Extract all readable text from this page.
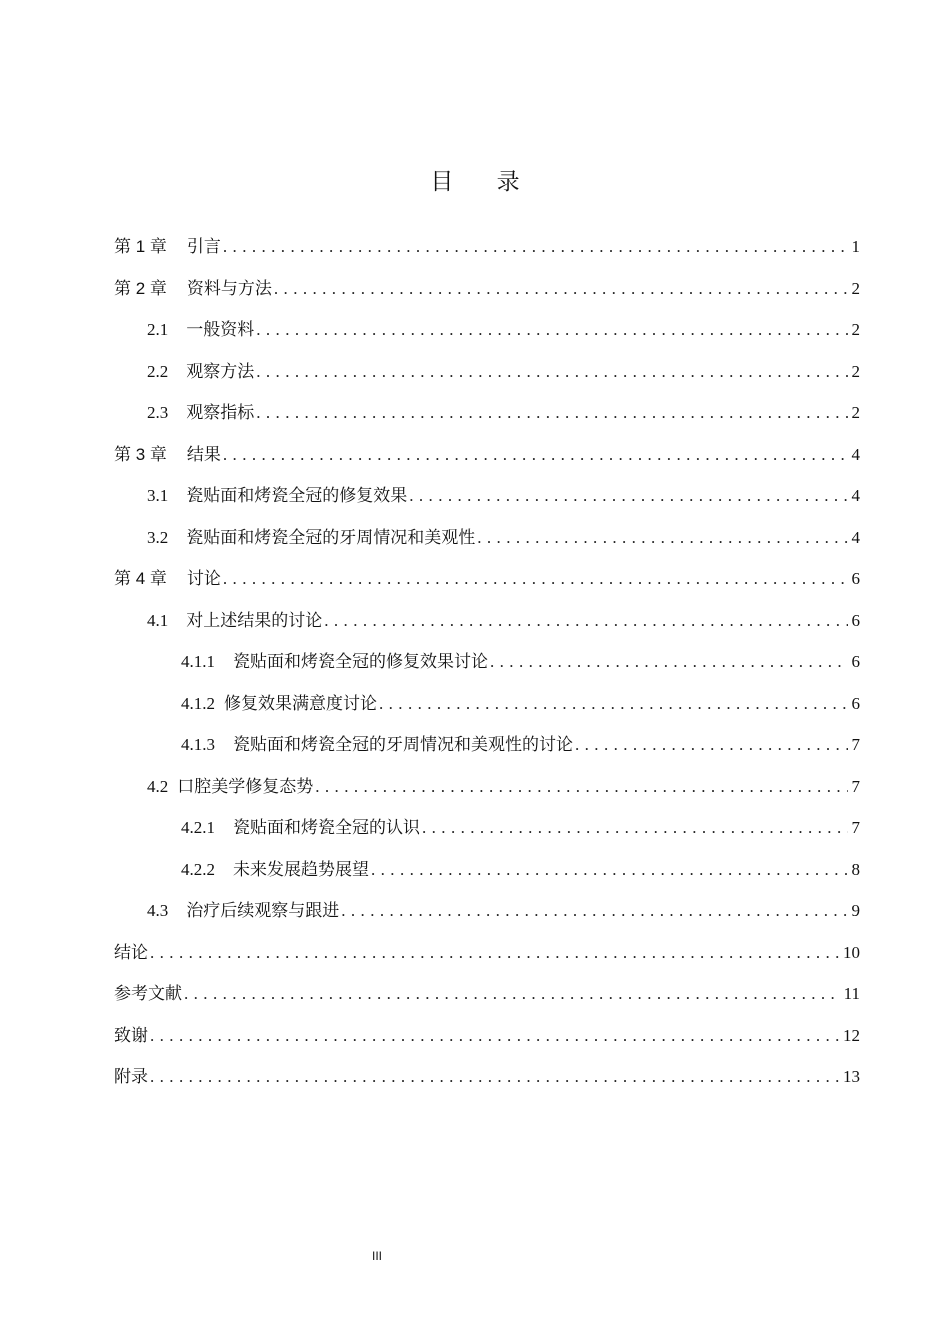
目 录
第 1 章 引言 .....	1
第 2 章 资料与方法 .....	2
2.1 一般资料 .....	2
2.2 观察方法 .....	2
2.3 观察指标 .....	2
第 3 章 结果 .....	4
3.1 瓷贴面和烤瓷全冠的修复效果 .....	4
3.2 瓷贴面和烤瓷全冠的牙周情况和美观性 .....	4
第 4 章 讨论 .....	6
4.1 对上述结果的讨论 .....	6
4.1.1 瓷贴面和烤瓷全冠的修复效果讨论 .....	6
4.1.2 修复效果满意度讨论 .....	6
4.1.3 瓷贴面和烤瓷全冠的牙周情况和美观性的讨论 .....	7
4.2 口腔美学修复态势 .....	7
4.2.1 瓷贴面和烤瓷全冠的认识 .....	7
4.2.2 未来发展趋势展望 .....	8
4.3 治疗后续观察与跟进 .....	9
结论 .....	10
参考文献 .....	11
致谢 .....	12
附录 .....	13
III
